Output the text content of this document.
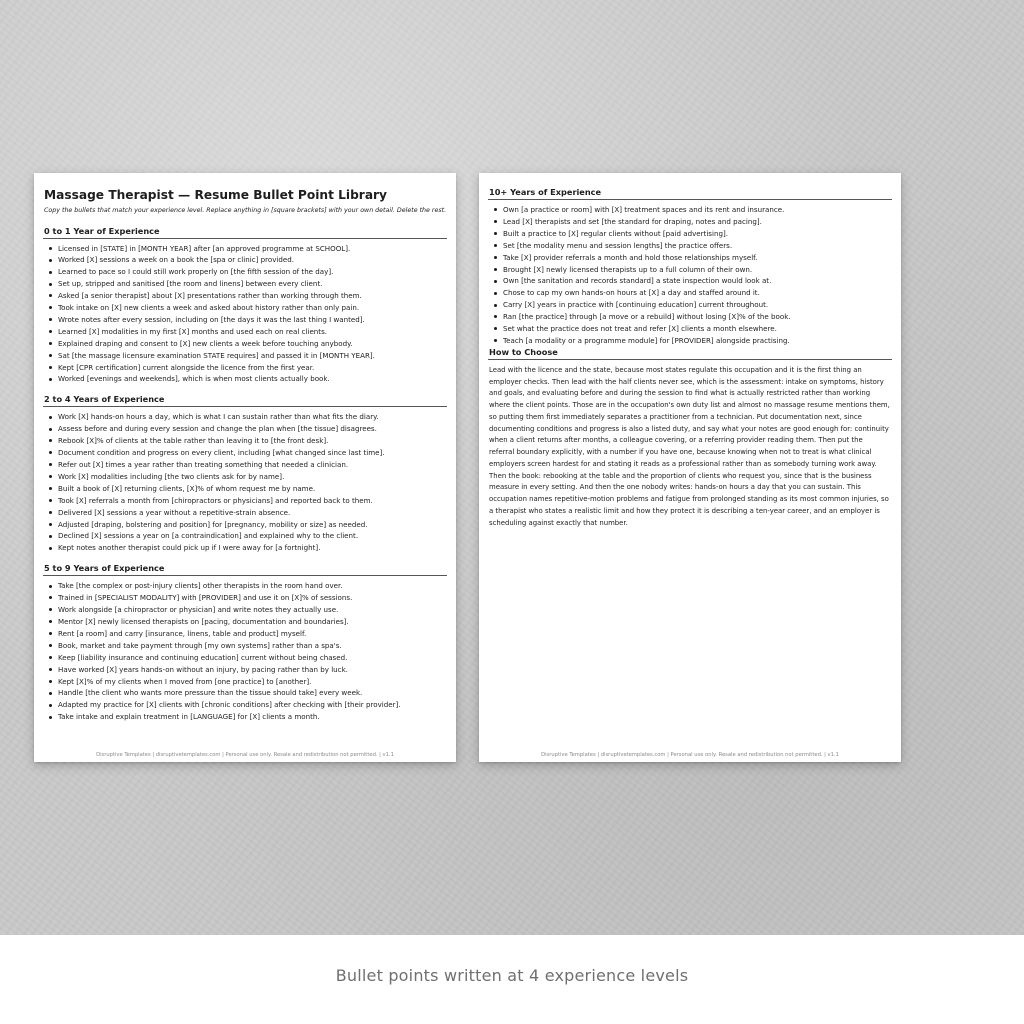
Massage Therapist — Resume Bullet Point Library
Copy the bullets that match your experience level. Replace anything in [square brackets] with your own detail. Delete the rest.
0 to 1 Year of Experience
Licensed in [STATE] in [MONTH YEAR] after [an approved programme at SCHOOL].
Worked [X] sessions a week on a book the [spa or clinic] provided.
Learned to pace so I could still work properly on [the fifth session of the day].
Set up, stripped and sanitised [the room and linens] between every client.
Asked [a senior therapist] about [X] presentations rather than working through them.
Took intake on [X] new clients a week and asked about history rather than only pain.
Wrote notes after every session, including on [the days it was the last thing I wanted].
Learned [X] modalities in my first [X] months and used each on real clients.
Explained draping and consent to [X] new clients a week before touching anybody.
Sat [the massage licensure examination STATE requires] and passed it in [MONTH YEAR].
Kept [CPR certification] current alongside the licence from the first year.
Worked [evenings and weekends], which is when most clients actually book.
2 to 4 Years of Experience
Work [X] hands-on hours a day, which is what I can sustain rather than what fits the diary.
Assess before and during every session and change the plan when [the tissue] disagrees.
Rebook [X]% of clients at the table rather than leaving it to [the front desk].
Document condition and progress on every client, including [what changed since last time].
Refer out [X] times a year rather than treating something that needed a clinician.
Work [X] modalities including [the two clients ask for by name].
Built a book of [X] returning clients, [X]% of whom request me by name.
Took [X] referrals a month from [chiropractors or physicians] and reported back to them.
Delivered [X] sessions a year without a repetitive-strain absence.
Adjusted [draping, bolstering and position] for [pregnancy, mobility or size] as needed.
Declined [X] sessions a year on [a contraindication] and explained why to the client.
Kept notes another therapist could pick up if I were away for [a fortnight].
5 to 9 Years of Experience
Take [the complex or post-injury clients] other therapists in the room hand over.
Trained in [SPECIALIST MODALITY] with [PROVIDER] and use it on [X]% of sessions.
Work alongside [a chiropractor or physician] and write notes they actually use.
Mentor [X] newly licensed therapists on [pacing, documentation and boundaries].
Rent [a room] and carry [insurance, linens, table and product] myself.
Book, market and take payment through [my own systems] rather than a spa's.
Keep [liability insurance and continuing education] current without being chased.
Have worked [X] years hands-on without an injury, by pacing rather than by luck.
Kept [X]% of my clients when I moved from [one practice] to [another].
Handle [the client who wants more pressure than the tissue should take] every week.
Adapted my practice for [X] clients with [chronic conditions] after checking with [their provider].
Take intake and explain treatment in [LANGUAGE] for [X] clients a month.
Disruptive Templates | disruptivetemplates.com | Personal use only. Resale and redistribution not permitted. | v1.1
10+ Years of Experience
Own [a practice or room] with [X] treatment spaces and its rent and insurance.
Lead [X] therapists and set [the standard for draping, notes and pacing].
Built a practice to [X] regular clients without [paid advertising].
Set [the modality menu and session lengths] the practice offers.
Take [X] provider referrals a month and hold those relationships myself.
Brought [X] newly licensed therapists up to a full column of their own.
Own [the sanitation and records standard] a state inspection would look at.
Chose to cap my own hands-on hours at [X] a day and staffed around it.
Carry [X] years in practice with [continuing education] current throughout.
Ran [the practice] through [a move or a rebuild] without losing [X]% of the book.
Set what the practice does not treat and refer [X] clients a month elsewhere.
Teach [a modality or a programme module] for [PROVIDER] alongside practising.
How to Choose

Lead with the licence and the state, because most states regulate this occupation and it is the first thing an employer checks. Then lead with the half clients never see, which is the assessment: intake on symptoms, history and goals, and evaluating before and during the session to find what is actually restricted rather than working where the client points. Those are in the occupation's own duty list and almost no massage resume mentions them, so putting them first immediately separates a practitioner from a technician. Put documentation next, since documenting conditions and progress is also a listed duty, and say what your notes are good enough for: continuity when a client returns after months, a colleague covering, or a referring provider reading them. Then put the referral boundary explicitly, with a number if you have one, because knowing when not to treat is what clinical employers screen hardest for and stating it reads as a professional rather than as somebody turning work away. Then the book: rebooking at the table and the proportion of clients who request you, since that is the business measure in every setting. And then the one nobody writes: hands-on hours a day that you can sustain. This occupation names repetitive-motion problems and fatigue from prolonged standing as its most common injuries, so a therapist who states a realistic limit and how they protect it is describing a ten-year career, and an employer is scheduling against exactly that number.

Disruptive Templates | disruptivetemplates.com | Personal use only. Resale and redistribution not permitted. | v1.1
Bullet points written at 4 experience levels
